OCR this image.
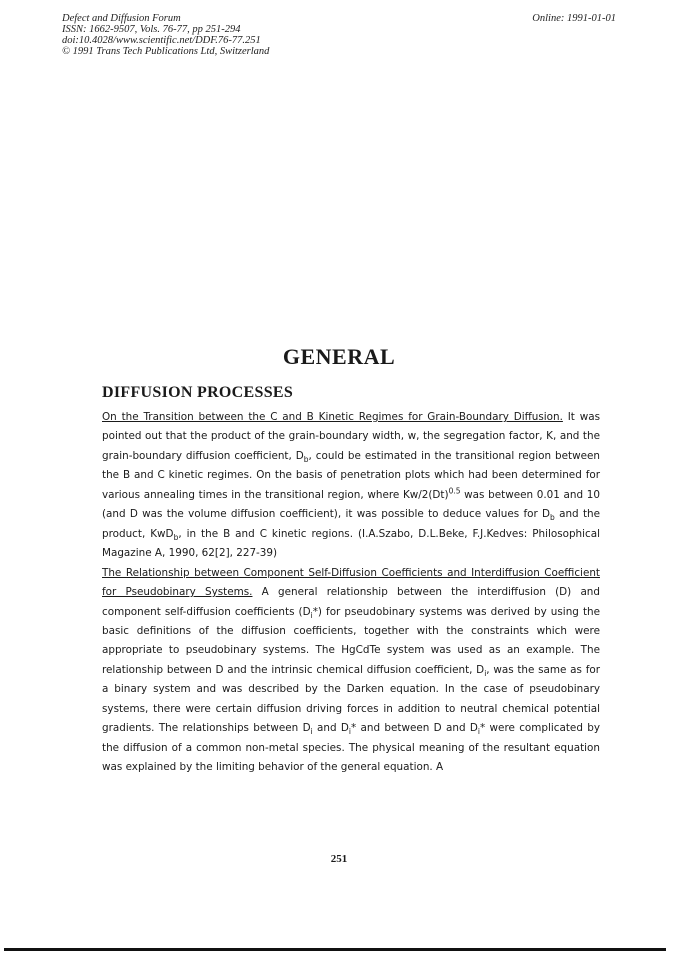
Defect and Diffusion Forum
ISSN: 1662-9507, Vols. 76-77, pp 251-294
doi:10.4028/www.scientific.net/DDF.76-77.251
© 1991 Trans Tech Publications Ltd, Switzerland
Online: 1991-01-01
GENERAL
DIFFUSION PROCESSES

On the Transition between the C and B Kinetic Regimes for Grain-Boundary Diffusion. It was pointed out that the product of the grain-boundary width, w, the segregation factor, K, and the grain-boundary diffusion coefficient, $D_b$, could be estimated in the transitional region between the B and C kinetic regimes. On the basis of penetration plots which had been determined for various annealing times in the transitional region, where $Kw/2(Dt)^{0.5}$ was between 0.01 and 10 (and D was the volume diffusion coefficient), it was possible to deduce values for $D_b$ and the product, KwD$_b$, in the B and C kinetic regions. (I.A.Szabo, D.L.Beke, F.J.Kedves: Philosophical Magazine A, 1990, 62[2], 227-39)

The Relationship between Component Self-Diffusion Coefficients and Interdiffusion Coefficient for Pseudobinary Systems. A general relationship between the interdiffusion (D) and component self-diffusion coefficients $(D_i*)$ for pseudobinary systems was derived by using the basic definitions of the diffusion coefficients, together with the constraints which were appropriate to pseudobinary systems. The HgCdTe system was used as an example. The relationship between D and the intrinsic chemical diffusion coefficient, $D_i$, was the same as for a binary system and was described by the Darken equation. In the case of pseudobinary systems, there were certain diffusion driving forces in addition to neutral chemical potential gradients. The relationships between $D_i$ and $D_i*$ and between D and $D_i*$ were complicated by the diffusion of a common non-metal species. The physical meaning of the resultant equation was explained by the limiting behavior of the general equation. A

251
